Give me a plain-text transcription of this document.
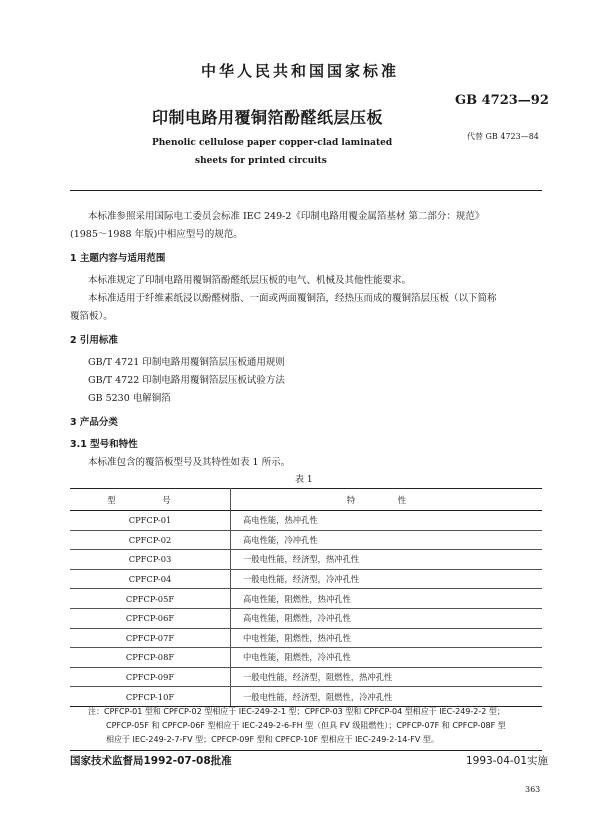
中华人民共和国国家标准
印制电路用覆铜箔酚醛纸层压板
GB 4723—92
代替 GB 4723—84
Phenolic cellulose paper copper-clad laminated
sheets for printed circuits
本标准参照采用国际电工委员会标准 IEC 249-2《印制电路用覆金属箔基材 第二部分：规范》
(1985～1988 年版)中相应型号的规范。
1 主题内容与适用范围
本标准规定了印制电路用覆铜箔酚醛纸层压板的电气、机械及其他性能要求。
本标准适用于纤维素纸浸以酚醛树脂、一面或两面覆铜箔，经热压而成的覆铜箔层压板（以下简称
覆箔板）。
2 引用标准
GB/T 4721 印制电路用覆铜箔层压板通用规则
GB/T 4722 印制电路用覆铜箔层压板试验方法
GB 5230 电解铜箔
3 产品分类
3.1 型号和特性
本标准包含的覆箔板型号及其特性如表 1 所示。
表 1
型 号	特 性
CPFCP-01	高电性能，热冲孔性
CPFCP-02	高电性能，冷冲孔性
CPFCP-03	一般电性能，经济型，热冲孔性
CPFCP-04	一般电性能，经济型，冷冲孔性
CPFCP-05F	高电性能，阻燃性，热冲孔性
CPFCP-06F	高电性能，阻燃性，冷冲孔性
CPFCP-07F	中电性能，阻燃性，热冲孔性
CPFCP-08F	中电性能，阻燃性，冷冲孔性
CPFCP-09F	一般电性能，经济型，阻燃性，热冲孔性
CPFCP-10F	一般电性能，经济型，阻燃性，冷冲孔性
注：CPFCP-01 型和 CPFCP-02 型相应于 IEC-249-2-1 型；CPFCP-03 型和 CPFCP-04 型相应于 IEC-249-2-2 型；
CPFCP-05F 和 CPFCP-06F 型相应于 IEC-249-2-6-FH 型（但具 FV 级阻燃性）；CPFCP-07F 和 CPFCP-08F 型
相应于 IEC-249-2-7-FV 型；CPFCP-09F 型和 CPFCP-10F 型相应于 IEC-249-2-14-FV 型。
国家技术监督局1992-07-08批准	1993-04-01实施
363
